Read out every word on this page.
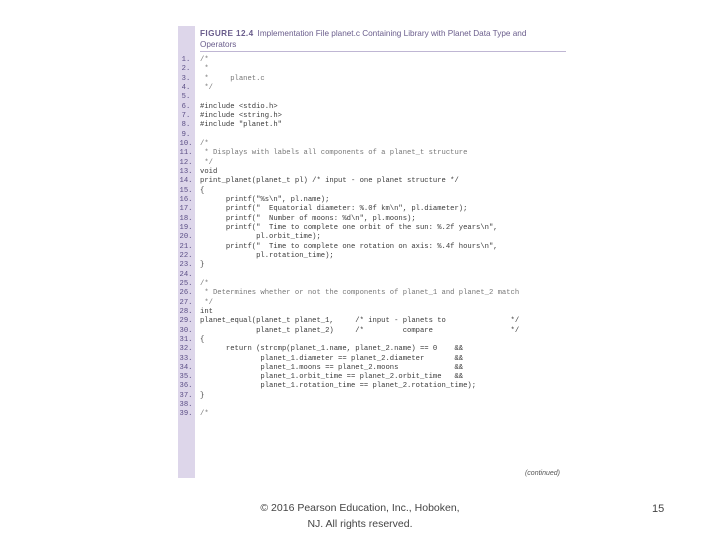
FIGURE 12.4 Implementation File planet.c Containing Library with Planet Data Type and Operators
1.	/*
2.	*
3.	*     planet.c
4.	*/
5.
6.	#include <stdio.h>
7.	#include <string.h>
8.	#include "planet.h"
9.
10. /*
11. * Displays with labels all components of a planet_t structure
12. */
13. void
14. print_planet(planet_t pl) /* input - one planet structure */
15. {
16. printf("%s\n", pl.name);
17. printf("  Equatorial diameter: %.0f km\n", pl.diameter);
18. printf("  Number of moons: %d\n", pl.moons);
19. printf("  Time to complete one orbit of the sun: %.2f years\n",
20. pl.orbit_time);
21. printf("  Time to complete one rotation on axis: %.4f hours\n",
22. pl.rotation_time);
23. }
24.
25. /*
26. * Determines whether or not the components of planet_1 and planet_2 match
27. */
28. int
29. planet_equal(planet_t planet_1,     /* input - planets to               */
30. planet_t planet_2)     /*         compare                  */
31. {
32. return (strcmp(planet_1.name, planet_2.name) == 0    &&
33. planet_1.diameter == planet_2.diameter       &&
34. planet_1.moons == planet_2.moons             &&
35. planet_1.orbit_time == planet_2.orbit_time   &&
36. planet_1.rotation_time == planet_2.rotation_time);
37. }
38.
39. /*
(continued)
© 2016 Pearson Education, Inc., Hoboken,
NJ. All rights reserved.
15
